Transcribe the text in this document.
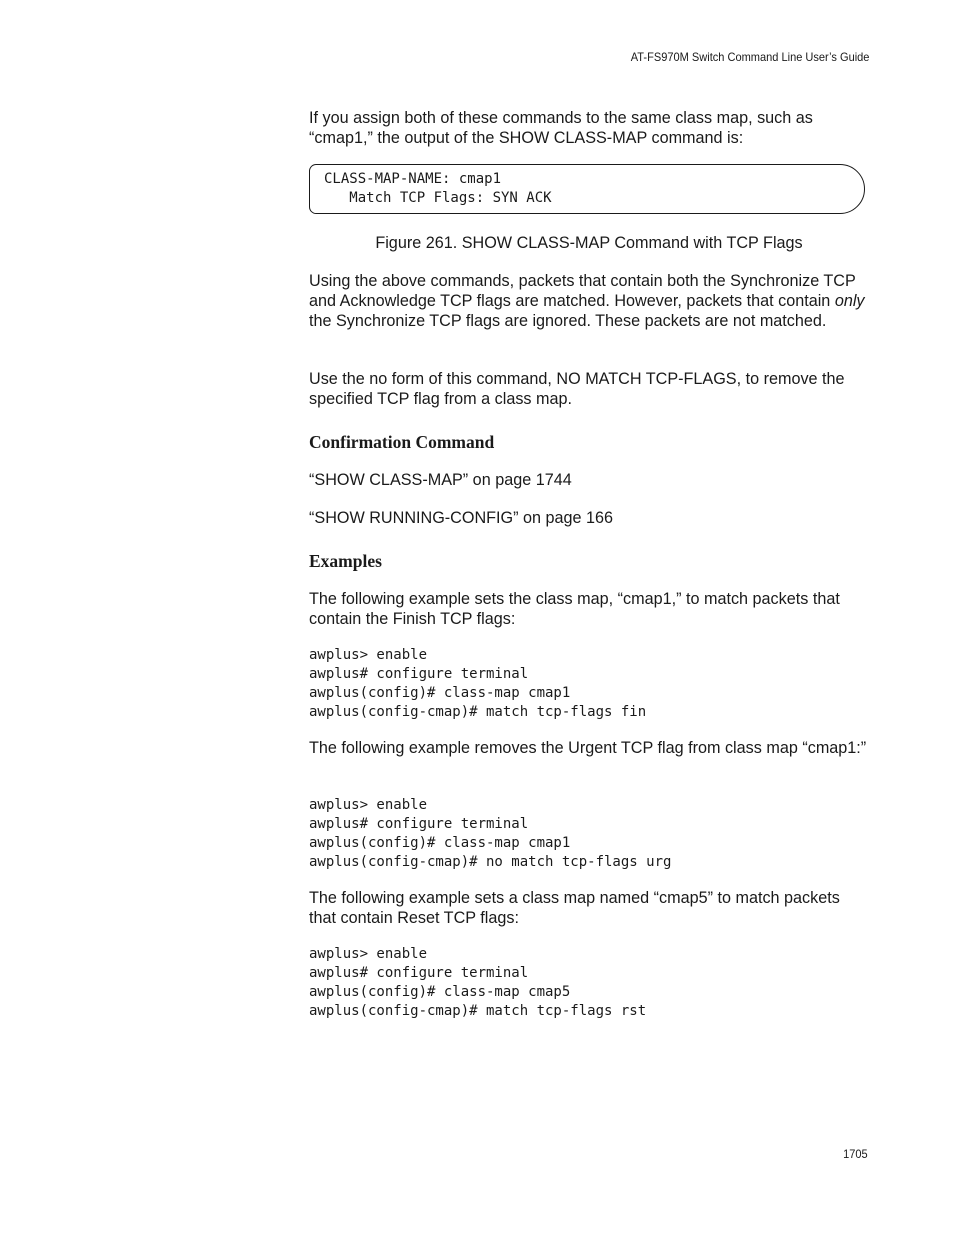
AT-FS970M Switch Command Line User’s Guide

If you assign both of these commands to the same class map, such as “cmap1,” the output of the SHOW CLASS-MAP command is:

CLASS-MAP-NAME: cmap1
Match TCP Flags: SYN ACK

Figure 261. SHOW CLASS-MAP Command with TCP Flags

Using the above commands, packets that contain both the Synchronize TCP and Acknowledge TCP flags are matched. However, packets that contain only the Synchronize TCP flags are ignored. These packets are not matched.

Use the no form of this command, NO MATCH TCP-FLAGS, to remove the specified TCP flag from a class map.

Confirmation Command

“SHOW CLASS-MAP” on page 1744

“SHOW RUNNING-CONFIG” on page 166

Examples

The following example sets the class map, “cmap1,” to match packets that contain the Finish TCP flags:

awplus> enable
awplus# configure terminal
awplus(config)# class-map cmap1
awplus(config-cmap)# match tcp-flags fin

The following example removes the Urgent TCP flag from class map “cmap1:”

awplus> enable
awplus# configure terminal
awplus(config)# class-map cmap1
awplus(config-cmap)# no match tcp-flags urg

The following example sets a class map named “cmap5” to match packets that contain Reset TCP flags:

awplus> enable
awplus# configure terminal
awplus(config)# class-map cmap5
awplus(config-cmap)# match tcp-flags rst
1705
